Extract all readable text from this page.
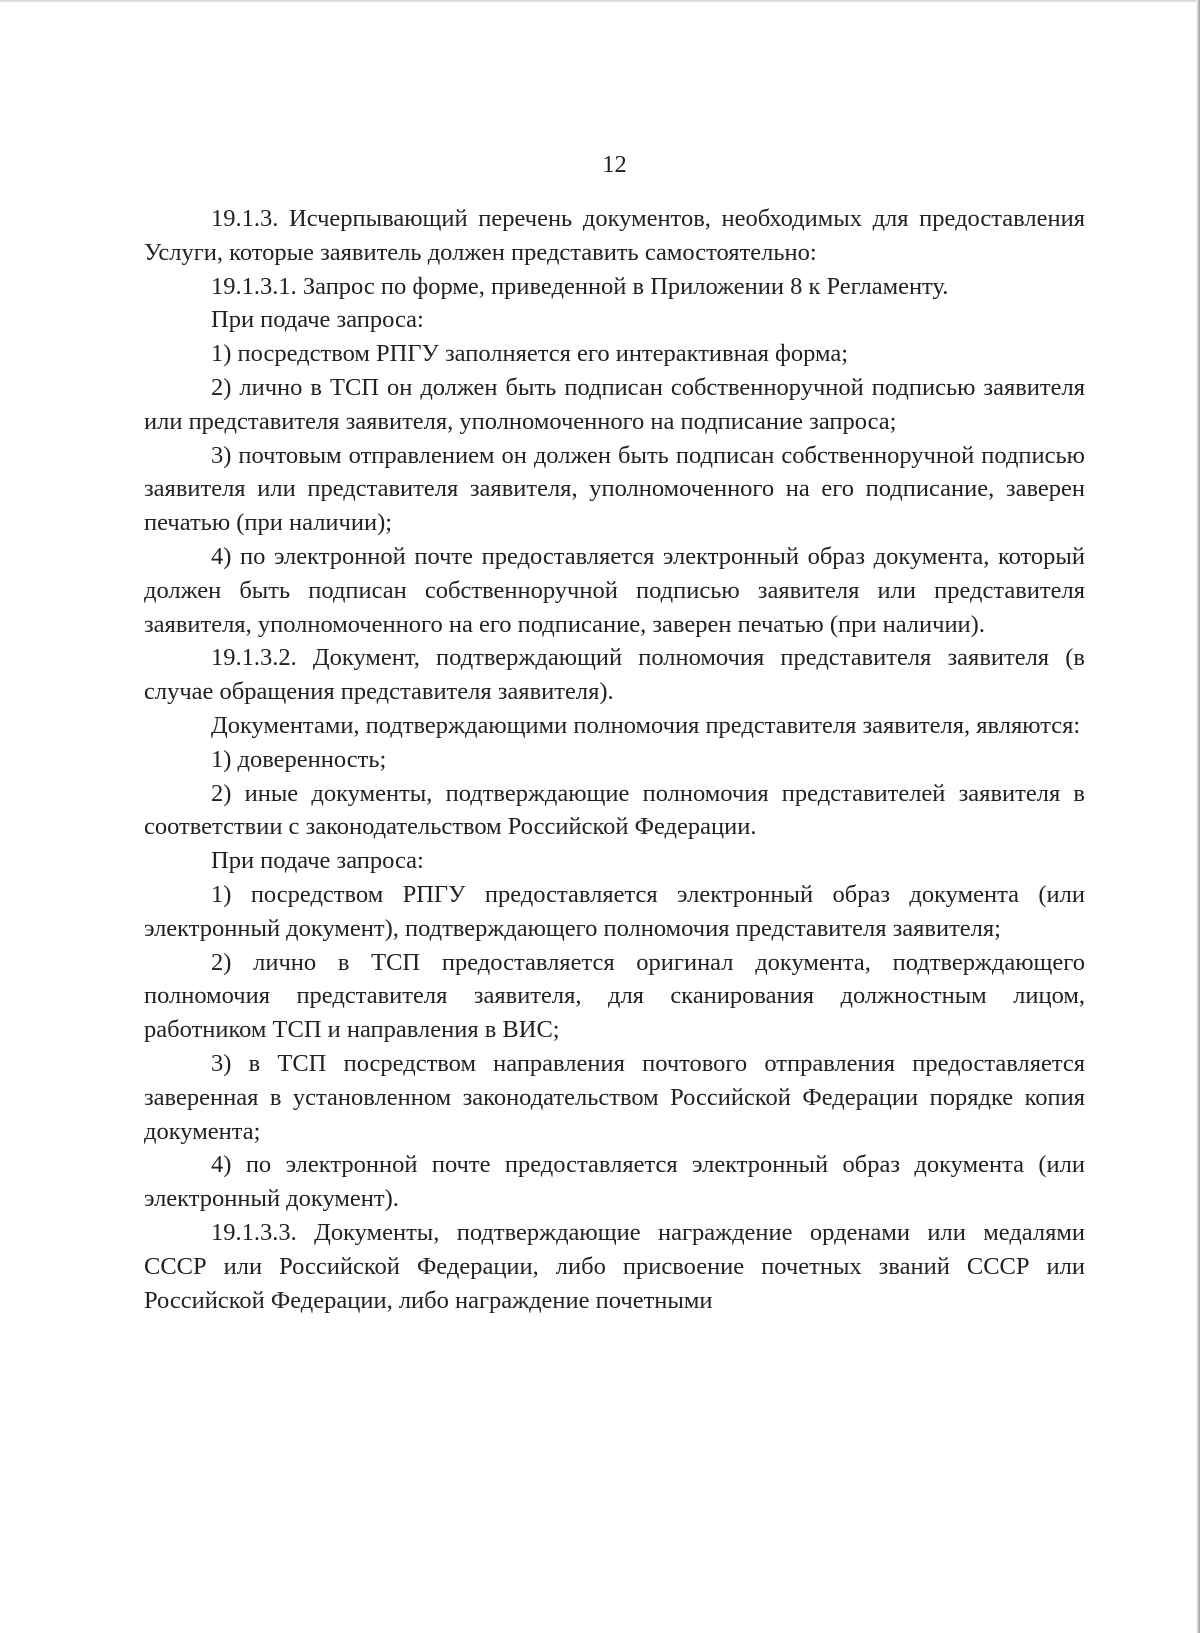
12

19.1.3. Исчерпывающий перечень документов, необходимых для предоставления Услуги, которые заявитель должен представить самостоятельно:

19.1.3.1. Запрос по форме, приведенной в Приложении 8 к Регламенту.

При подаче запроса:

1) посредством РПГУ заполняется его интерактивная форма;

2) лично в ТСП он должен быть подписан собственноручной подписью заявителя или представителя заявителя, уполномоченного на подписание запроса;

3) почтовым отправлением он должен быть подписан собственноручной подписью заявителя или представителя заявителя, уполномоченного на его подписание, заверен печатью (при наличии);

4) по электронной почте предоставляется электронный образ документа, который должен быть подписан собственноручной подписью заявителя или представителя заявителя, уполномоченного на его подписание, заверен печатью (при наличии).

19.1.3.2. Документ, подтверждающий полномочия представителя заявителя (в случае обращения представителя заявителя).

Документами, подтверждающими полномочия представителя заявителя, являются:

1) доверенность;

2) иные документы, подтверждающие полномочия представителей заявителя в соответствии с законодательством Российской Федерации.

При подаче запроса:

1) посредством РПГУ предоставляется электронный образ документа (или электронный документ), подтверждающего полномочия представителя заявителя;

2) лично в ТСП предоставляется оригинал документа, подтверждающего полномочия представителя заявителя, для сканирования должностным лицом, работником ТСП и направления в ВИС;

3) в ТСП посредством направления почтового отправления предоставляется заверенная в установленном законодательством Российской Федерации порядке копия документа;

4) по электронной почте предоставляется электронный образ документа (или электронный документ).

19.1.3.3. Документы, подтверждающие награждение орденами или медалями СССР или Российской Федерации, либо присвоение почетных званий СССР или Российской Федерации, либо награждение почетными
